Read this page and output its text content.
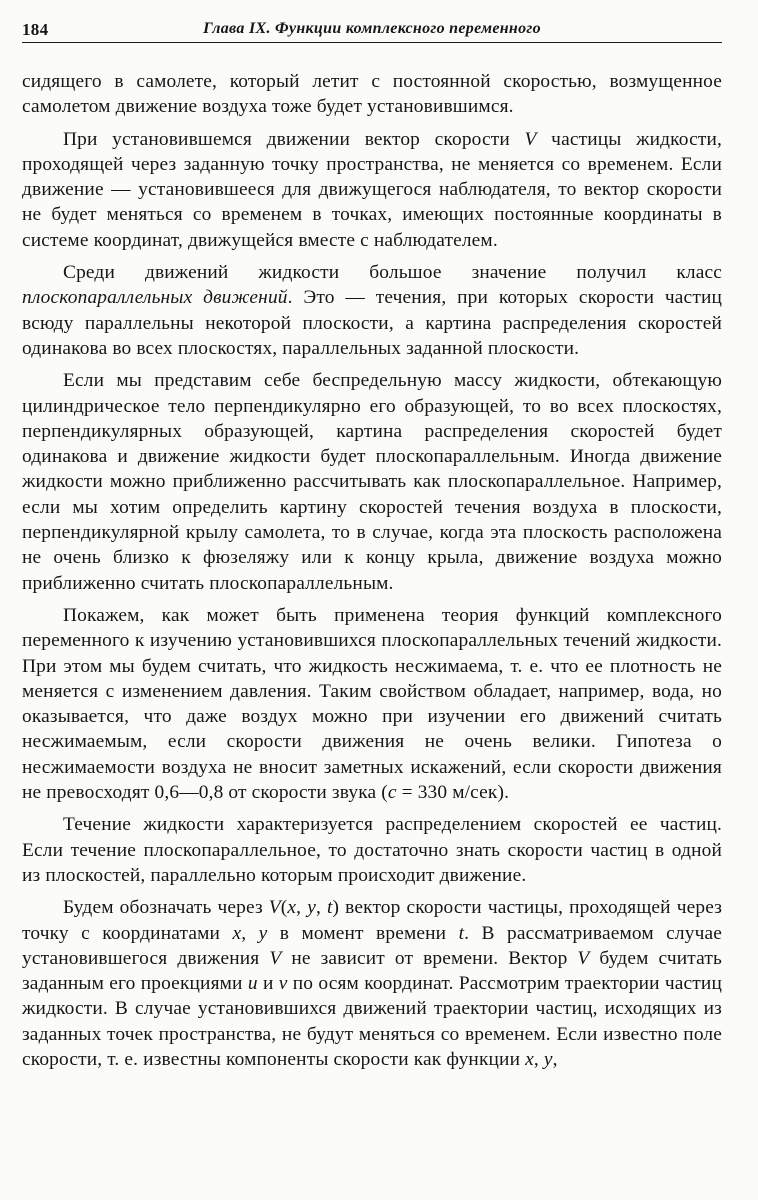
184	Глава IX. Функции комплексного переменного

сидящего в самолете, который летит с постоянной скоростью, возмущенное самолетом движение воздуха тоже будет установившимся.

При установившемся движении вектор скорости V частицы жидкости, проходящей через заданную точку пространства, не меняется со временем. Если движение — установившееся для движущегося наблюдателя, то вектор скорости не будет меняться со временем в точках, имеющих постоянные координаты в системе координат, движущейся вместе с наблюдателем.

Среди движений жидкости большое значение получил класс плоскопараллельных движений. Это — течения, при которых скорости частиц всюду параллельны некоторой плоскости, а картина распределения скоростей одинакова во всех плоскостях, параллельных заданной плоскости.

Если мы представим себе беспредельную массу жидкости, обтекающую цилиндрическое тело перпендикулярно его образующей, то во всех плоскостях, перпендикулярных образующей, картина распределения скоростей будет одинакова и движение жидкости будет плоскопараллельным. Иногда движение жидкости можно приближенно рассчитывать как плоскопараллельное. Например, если мы хотим определить картину скоростей течения воздуха в плоскости, перпендикулярной крылу самолета, то в случае, когда эта плоскость расположена не очень близко к фюзеляжу или к концу крыла, движение воздуха можно приближенно считать плоскопараллельным.

Покажем, как может быть применена теория функций комплексного переменного к изучению установившихся плоскопараллельных течений жидкости. При этом мы будем считать, что жидкость несжимаема, т. е. что ее плотность не меняется с изменением давления. Таким свойством обладает, например, вода, но оказывается, что даже воздух можно при изучении его движений считать несжимаемым, если скорости движения не очень велики. Гипотеза о несжимаемости воздуха не вносит заметных искажений, если скорости движения не превосходят 0,6—0,8 от скорости звука (c = 330 м/сек).

Течение жидкости характеризуется распределением скоростей ее частиц. Если течение плоскопараллельное, то достаточно знать скорости частиц в одной из плоскостей, параллельно которым происходит движение.

Будем обозначать через V(x, y, t) вектор скорости частицы, проходящей через точку с координатами x, y в момент времени t. В рассматриваемом случае установившегося движения V не зависит от времени. Вектор V будем считать заданным его проекциями u и v по осям координат. Рассмотрим траектории частиц жидкости. В случае установившихся движений траектории частиц, исходящих из заданных точек пространства, не будут меняться со временем. Если известно поле скорости, т. е. известны компоненты скорости как функции x, y,
